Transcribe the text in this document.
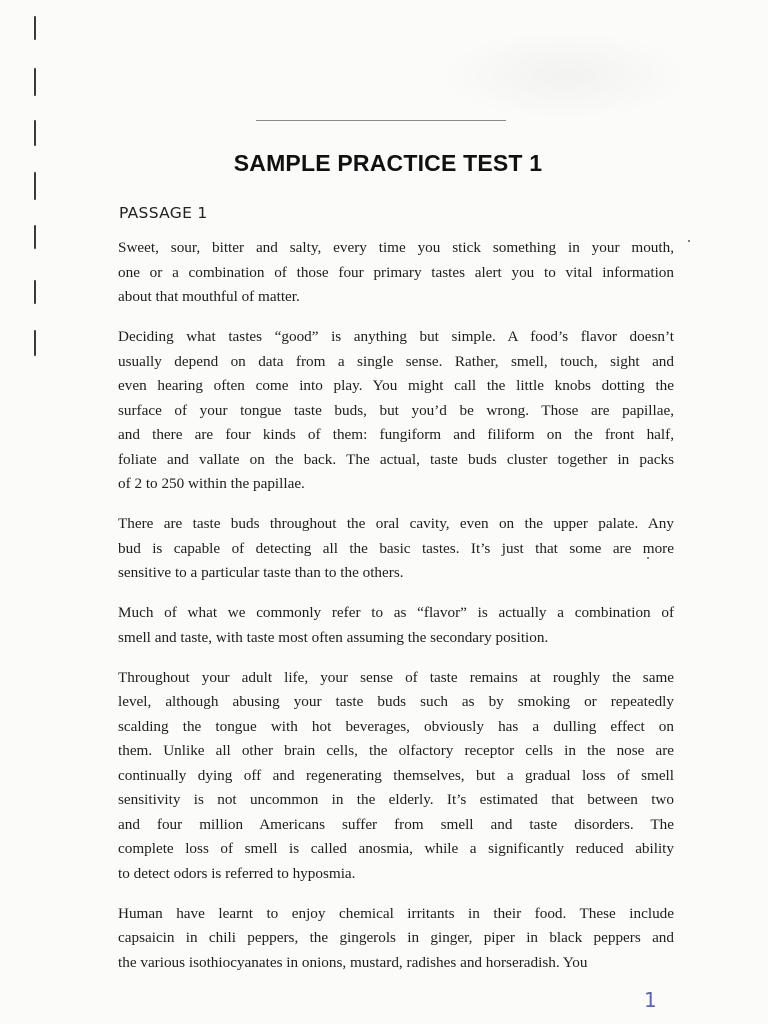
SAMPLE PRACTICE TEST 1
PASSAGE 1
Sweet, sour, bitter and salty, every time you stick something in your mouth,
one or a combination of those four primary tastes alert you to vital information
about that mouthful of matter.
Deciding what tastes “good” is anything but simple. A food’s flavor doesn’t
usually depend on data from a single sense. Rather, smell, touch, sight and
even hearing often come into play. You might call the little knobs dotting the
surface of your tongue taste buds, but you’d be wrong. Those are papillae,
and there are four kinds of them: fungiform and filiform on the front half,
foliate and vallate on the back. The actual, taste buds cluster together in packs
of 2 to 250 within the papillae.
There are taste buds throughout the oral cavity, even on the upper palate. Any
bud is capable of detecting all the basic tastes. It’s just that some are more
sensitive to a particular taste than to the others.
Much of what we commonly refer to as “flavor” is actually a combination of
smell and taste, with taste most often assuming the secondary position.
Throughout your adult life, your sense of taste remains at roughly the same
level, although abusing your taste buds such as by smoking or repeatedly
scalding the tongue with hot beverages, obviously has a dulling effect on
them. Unlike all other brain cells, the olfactory receptor cells in the nose are
continually dying off and regenerating themselves, but a gradual loss of smell
sensitivity is not uncommon in the elderly. It’s estimated that between two
and four million Americans suffer from smell and taste disorders. The
complete loss of smell is called anosmia, while a significantly reduced ability
to detect odors is referred to hyposmia.
Human have learnt to enjoy chemical irritants in their food. These include
capsaicin in chili peppers, the gingerols in ginger, piper in black peppers and
the various isothiocyanates in onions, mustard, radishes and horseradish. You
1
